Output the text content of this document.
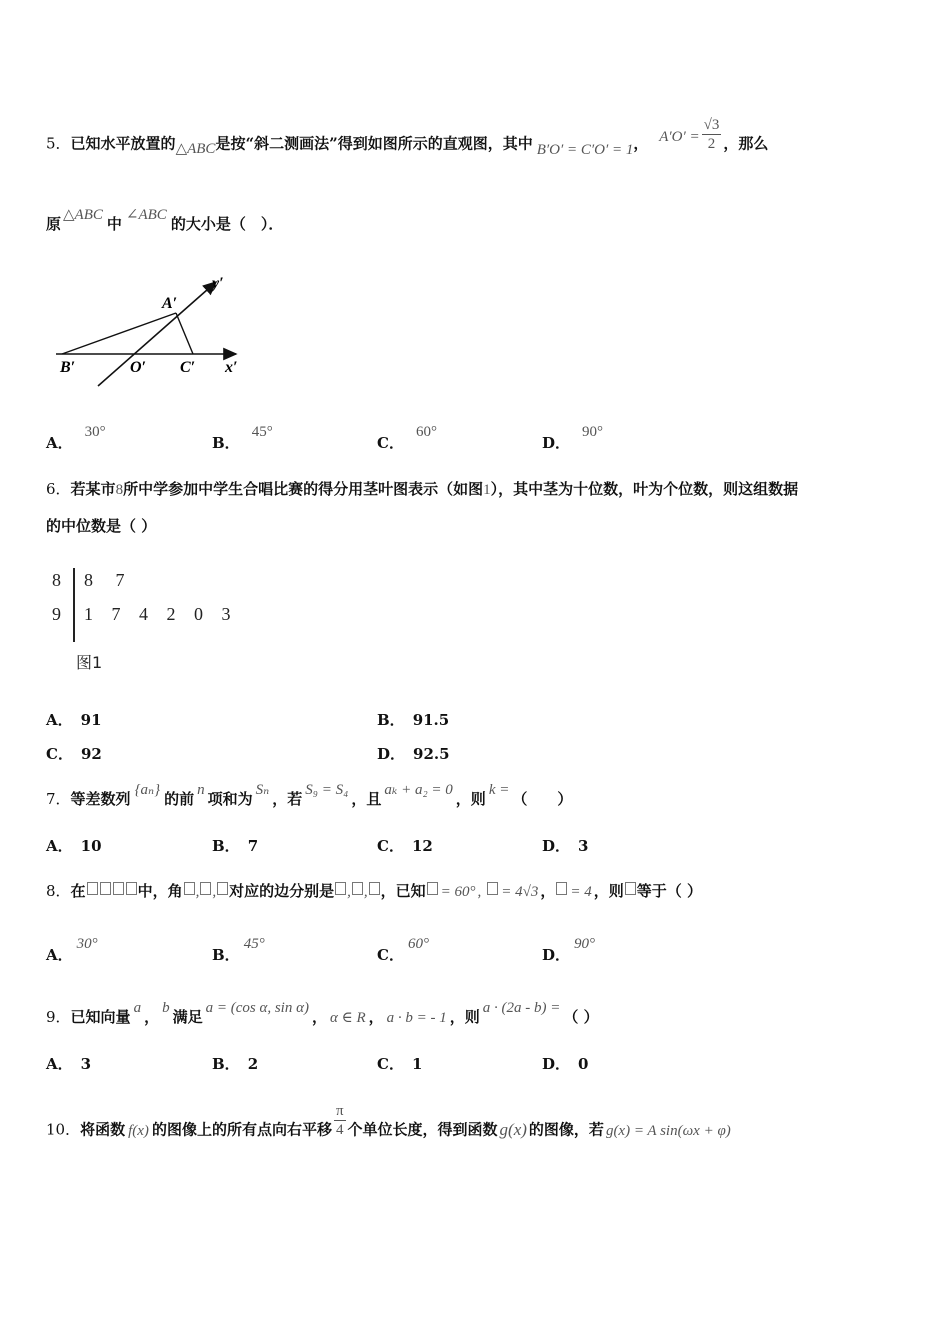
5．已知水平放置的△ABC是按“斜二测画法”得到如图所示的直观图，其中 B′O′ = C′O′ = 1， $A'O' = \frac{√3}{2}$ ，那么
原 △ABC 中 ∠ABC 的大小是（　）．
y′
A′
B′	O′ C′ x′
A．30°
B．45°
C．60°
D．90°
6．若某市8所中学参加中学生合唱比赛的得分用茎叶图表示（如图1），其中茎为十位数，叶为个位数，则这组数据
的中位数是（ ）
8 8 7
9 1 7 4 2 0 3
图1
A． 91	B． 91.5
C． 92	D． 92.5
7．等差数列 {aₙ} 的前 n 项和为 Sₙ ，若 S₉ = S₄ ，且 aₖ + a₂ = 0 ，则 k = （　　）
A． 10	B． 7	C． 12	D． 3
8．在	中，角 , , 对应的边分别是 , , ，已知 = 60° , = 4√3 ， = 4 ，则 等于（ ）
A．30°
B．45°
C．60°
D．90°
9．已知向量 a ， b 满足 a = (cos α, sin α) ， α ∈ R ， a · b = - 1 ，则 a · (2a - b) = （ ）
A． 3	B． 2	C． 1	D． 0
10．将函数 f(x) 的图像上的所有点向右平移 $\frac{\pi}{4}$ 个单位长度，得到函数 g(x) 的图像，若 g(x) = A sin(ωx + φ)
